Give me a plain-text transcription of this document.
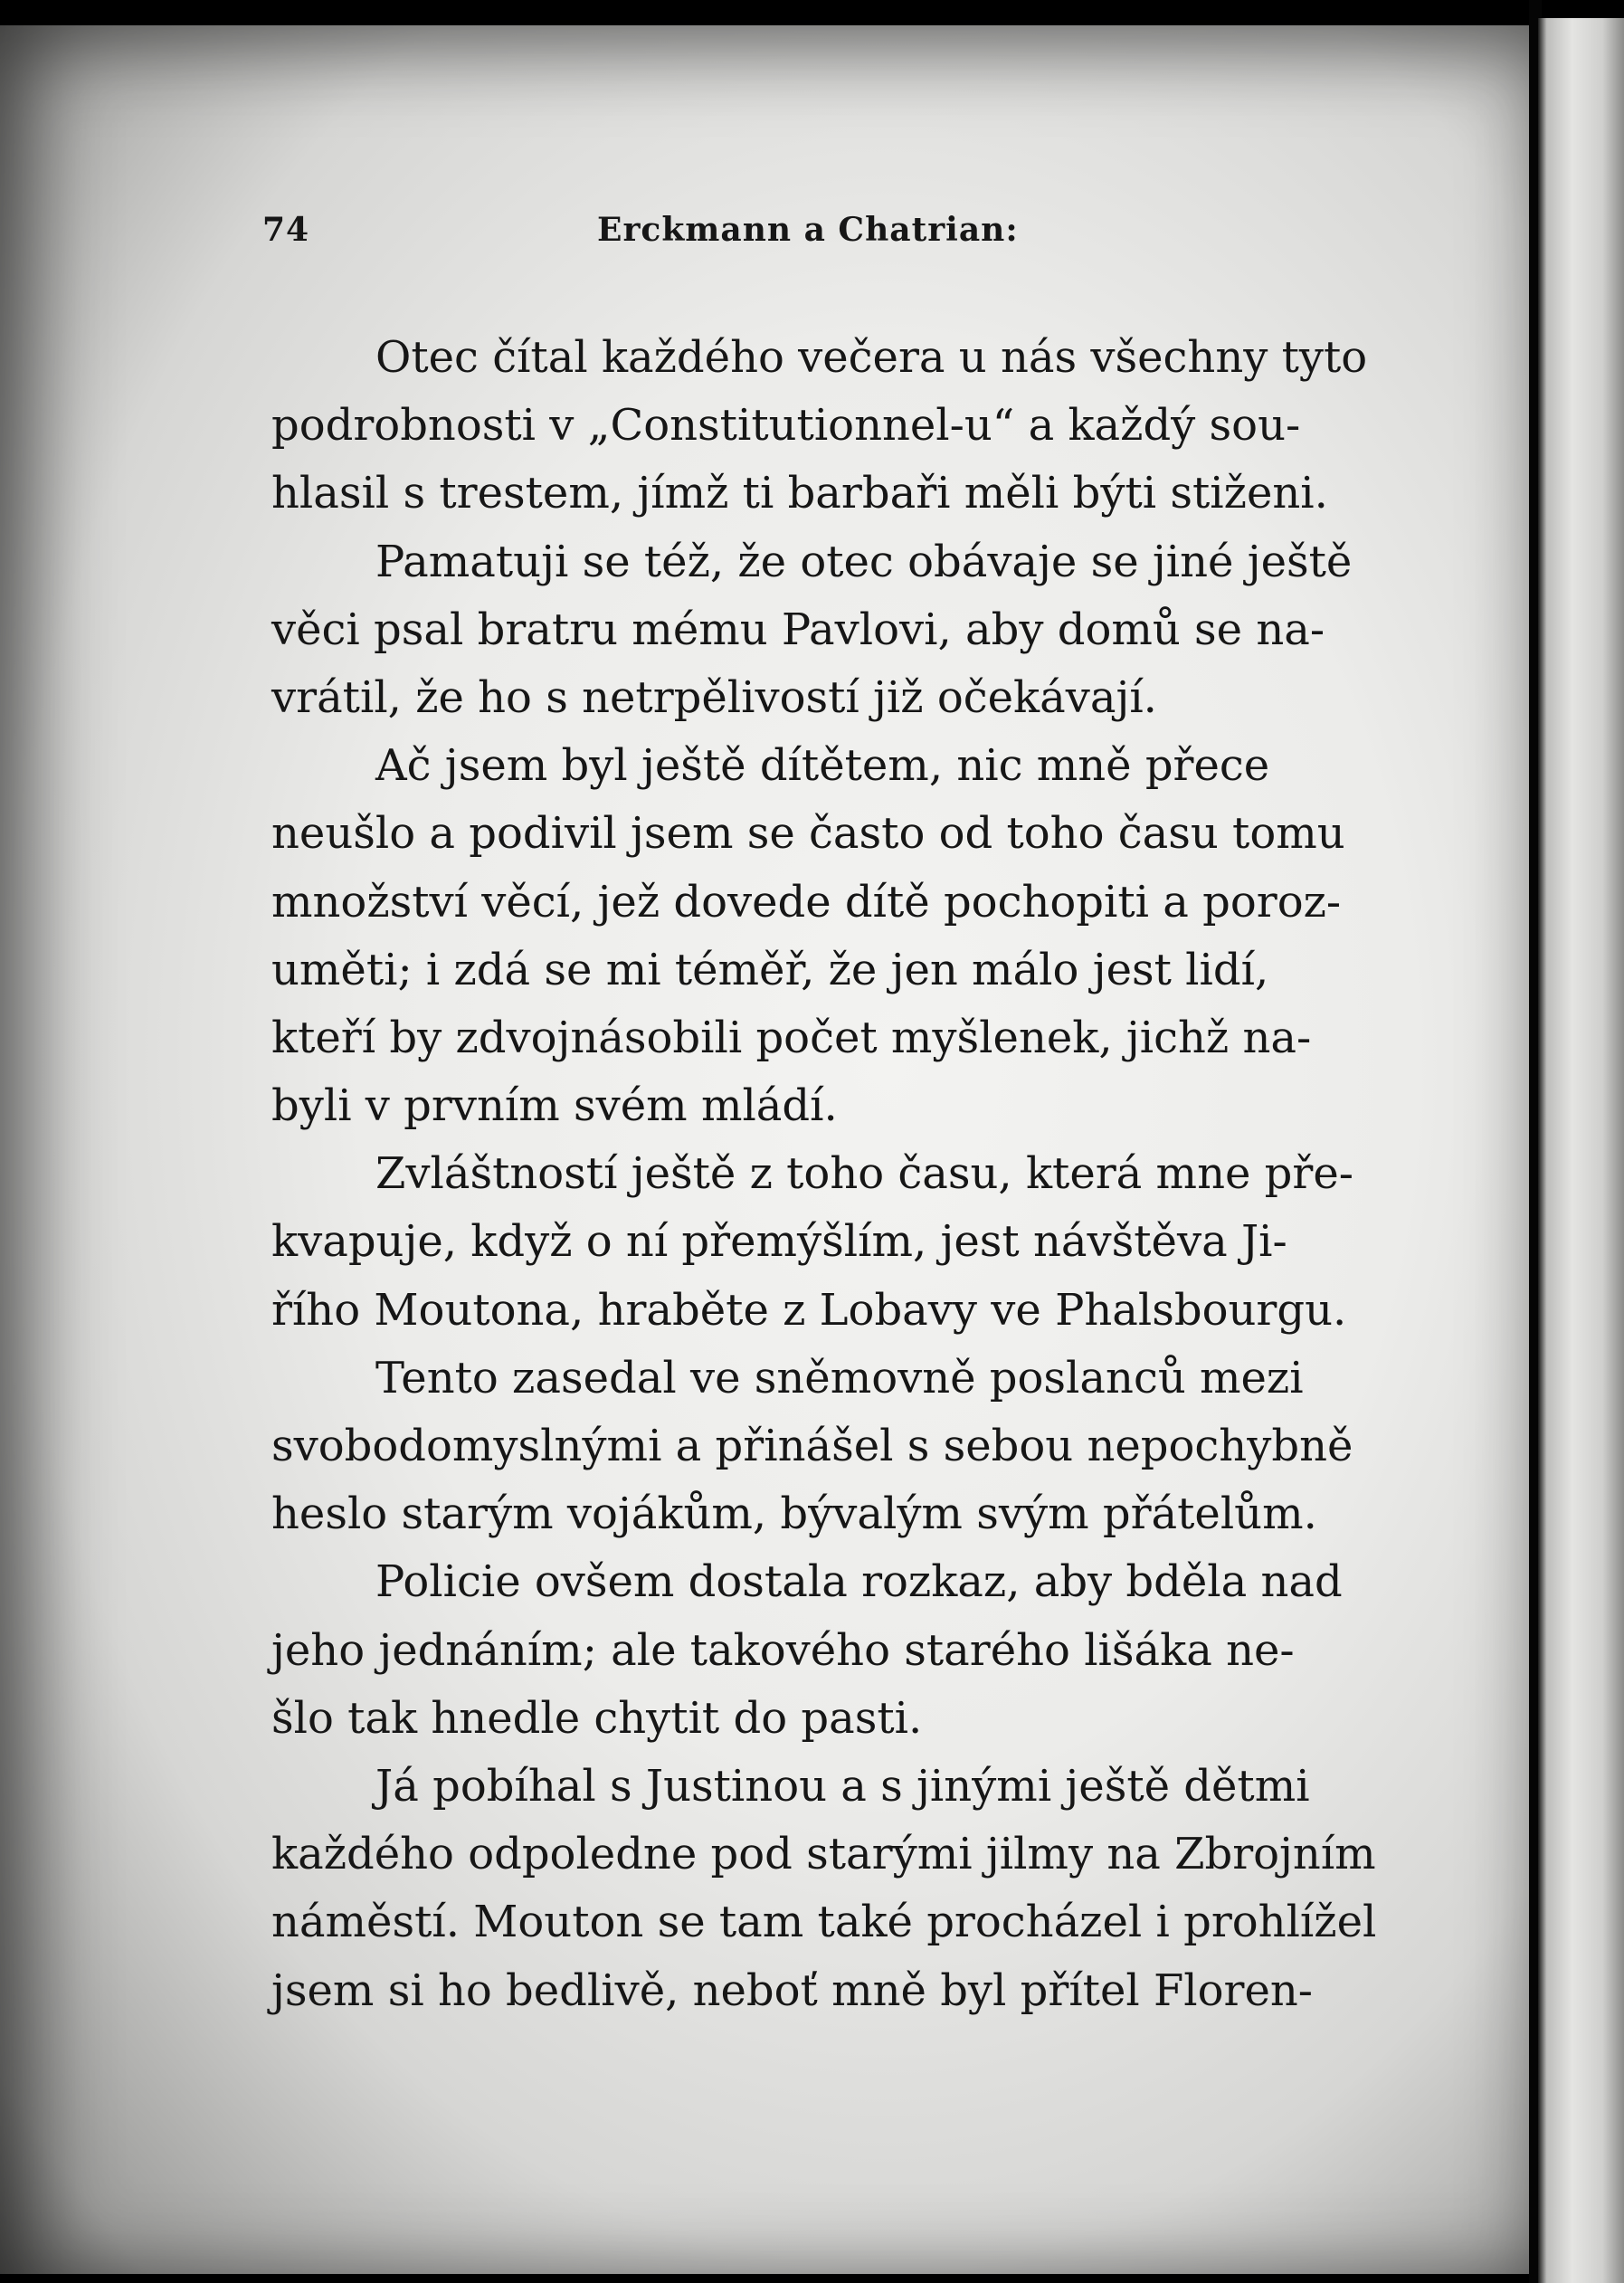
74	Erckmann a Chatrian:
Otec čítal každého večera u nás všechny tyto
podrobnosti v „Constitutionnel-u“ a každý sou-
hlasil s trestem, jímž ti barbaři měli býti stiženi.
Pamatuji se též, že otec obávaje se jiné ještě
věci psal bratru mému Pavlovi, aby domů se na-
vrátil, že ho s netrpělivostí již očekávají.
Ač jsem byl ještě dítětem, nic mně přece
neušlo a podivil jsem se často od toho času tomu
množství věcí, jež dovede dítě pochopiti a poroz-
uměti; i zdá se mi téměř, že jen málo jest lidí,
kteří by zdvojnásobili počet myšlenek, jichž na-
byli v prvním svém mládí.
Zvláštností ještě z toho času, která mne pře-
kvapuje, když o ní přemýšlím, jest návštěva Ji-
řího Moutona, hraběte z Lobavy ve Phalsbourgu.
Tento zasedal ve sněmovně poslanců mezi
svobodomyslnými a přinášel s sebou nepochybně
heslo starým vojákům, bývalým svým přátelům.
Policie ovšem dostala rozkaz, aby bděla nad
jeho jednáním; ale takového starého lišáka ne-
šlo tak hnedle chytit do pasti.
Já pobíhal s Justinou a s jinými ještě dětmi
každého odpoledne pod starými jilmy na Zbrojním
náměstí. Mouton se tam také procházel i prohlížel
jsem si ho bedlivě, neboť mně byl přítel Floren-
